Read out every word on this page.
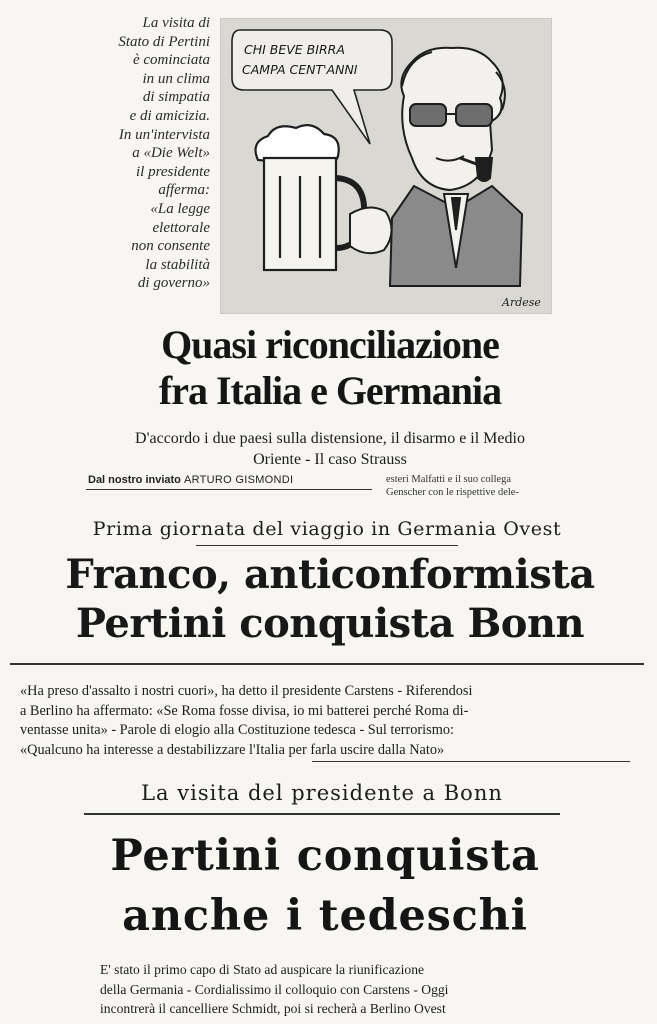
La visita di
Stato di Pertini
è cominciata
in un clima
di simpatia
e di amicizia.
In un'intervista
a «Die Welt»
il presidente
afferma:
«La legge
elettorale
non consente
la stabilità
di governo»
CHI BEVE BIRRA
CAMPA CENT'ANNI
Ardese
Quasi riconciliazione
fra Italia e Germania
D'accordo i due paesi sulla distensione, il disarmo e il Medio
Oriente - Il caso Strauss
Dal nostro inviato ARTURO GISMONDI	esteri Malfatti e il suo collega
Genscher con le rispettive dele-
Prima giornata del viaggio in Germania Ovest
Franco, anticonformista
Pertini conquista Bonn
«Ha preso d'assalto i nostri cuori», ha detto il presidente Carstens - Riferendosi
a Berlino ha affermato: «Se Roma fosse divisa, io mi batterei perché Roma di-
ventasse unita» - Parole di elogio alla Costituzione tedesca - Sul terrorismo:
«Qualcuno ha interesse a destabilizzare l'Italia per farla uscire dalla Nato»
La visita del presidente a Bonn
Pertini conquista
anche i tedeschi
E' stato il primo capo di Stato ad auspicare la riunificazione
della Germania - Cordialissimo il colloquio con Carstens - Oggi
incontrerà il cancelliere Schmidt, poi si recherà a Berlino Ovest
